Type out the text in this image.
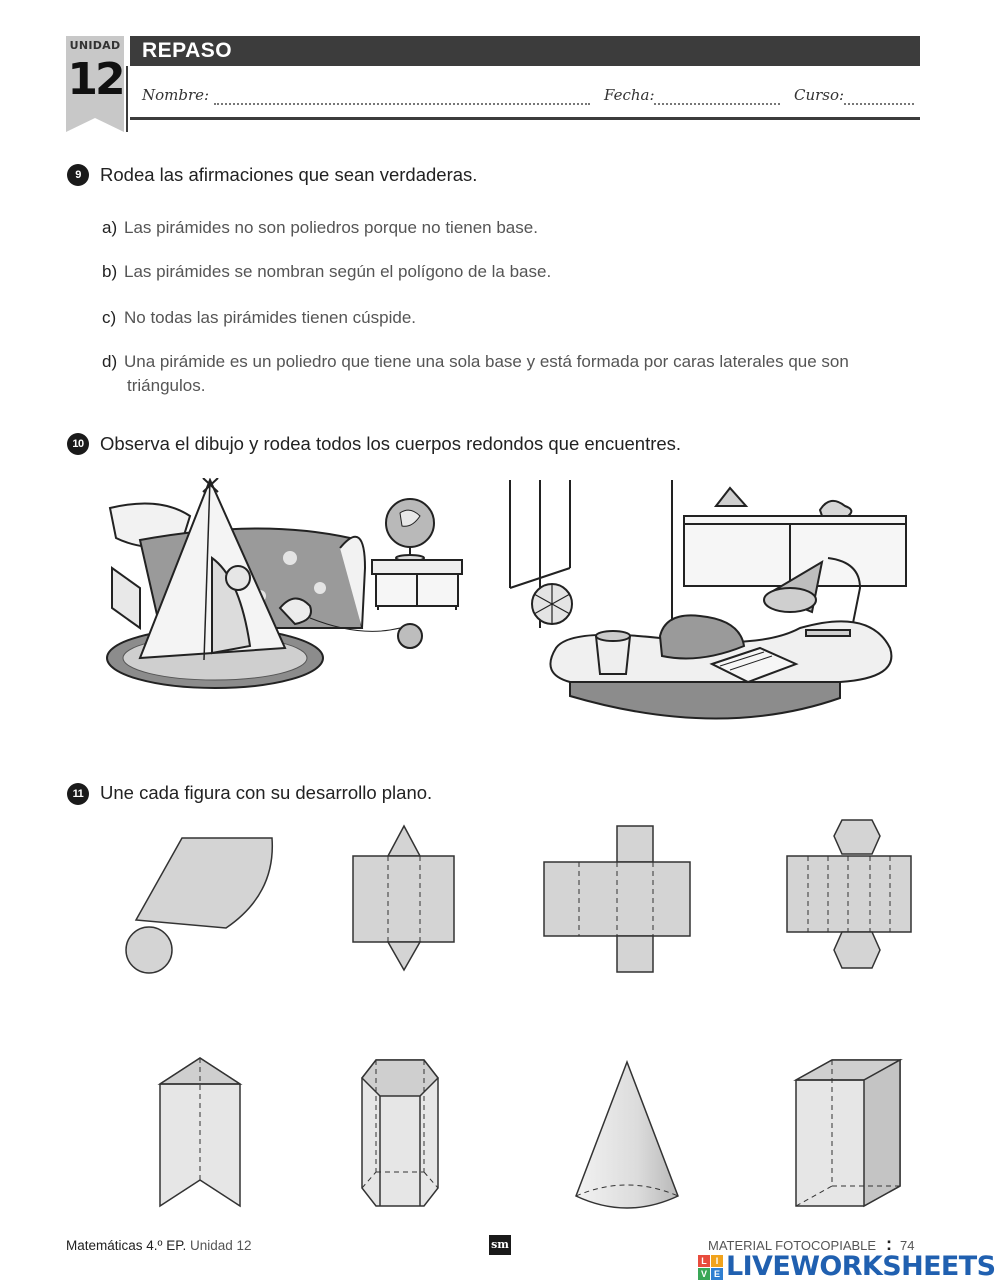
UNIDAD
12
REPASO
Nombre:	Fecha:	Curso:
9	Rodea las afirmaciones que sean verdaderas.
a) Las pirámides no son poliedros porque no tienen base.
b) Las pirámides se nombran según el polígono de la base.
c) No todas las pirámides tienen cúspide.
d) Una pirámide es un poliedro que tiene una sola base y está formada por caras laterales que son
triángulos.
10 Observa el dibujo y rodea todos los cuerpos redondos que encuentres.
11 Une cada figura con su desarrollo plano.
Matemáticas 4.º EP. Unidad 12	sm	MATERIAL FOTOCOPIABLE : 74
L I
V E LIVEWORKSHEETS
